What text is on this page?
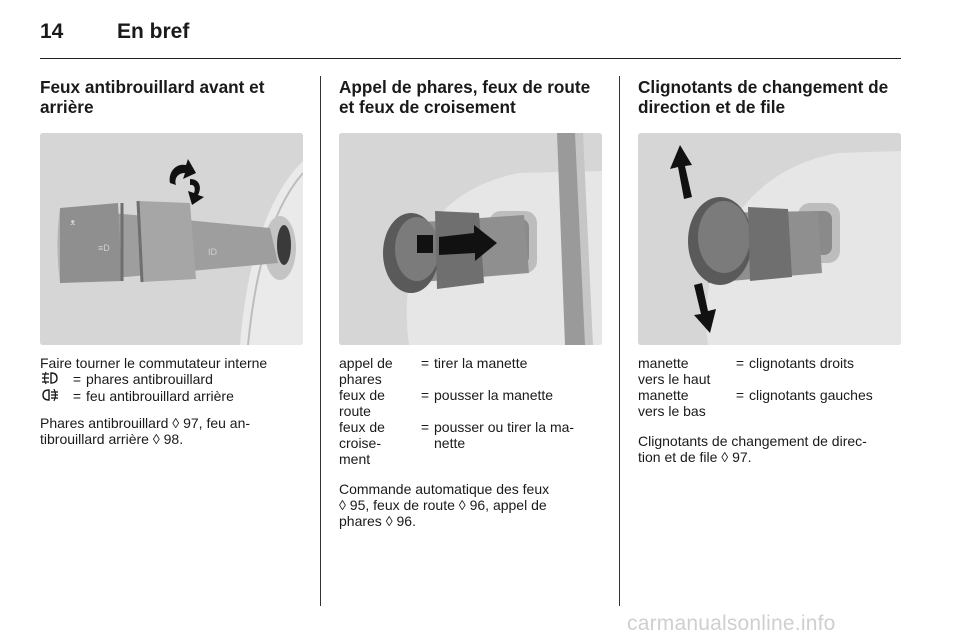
14	En bref
Feux antibrouillard avant et arrière
ᴥ
≡D	ID

Faire tourner le commutateur interne

= phares antibrouillard
= feu antibrouillard arrière

Phares antibrouillard ◊ 97, feu an-
tibrouillard arrière ◊ 98.

Appel de phares, feux de route et feux de croisement
appel de
phares
= tirer la manette
feux de
route
= pousser la manette
feux de
croise-
ment
= pousser ou tirer la ma-
nette

Commande automatique des feux
◊ 95, feux de route ◊ 96, appel de
phares ◊ 96.

Clignotants de changement de direction et de file
manette
vers le haut
= clignotants droits
manette
vers le bas
= clignotants gauches

Clignotants de changement de direc-
tion et de file ◊ 97.

carmanualsonline.info
